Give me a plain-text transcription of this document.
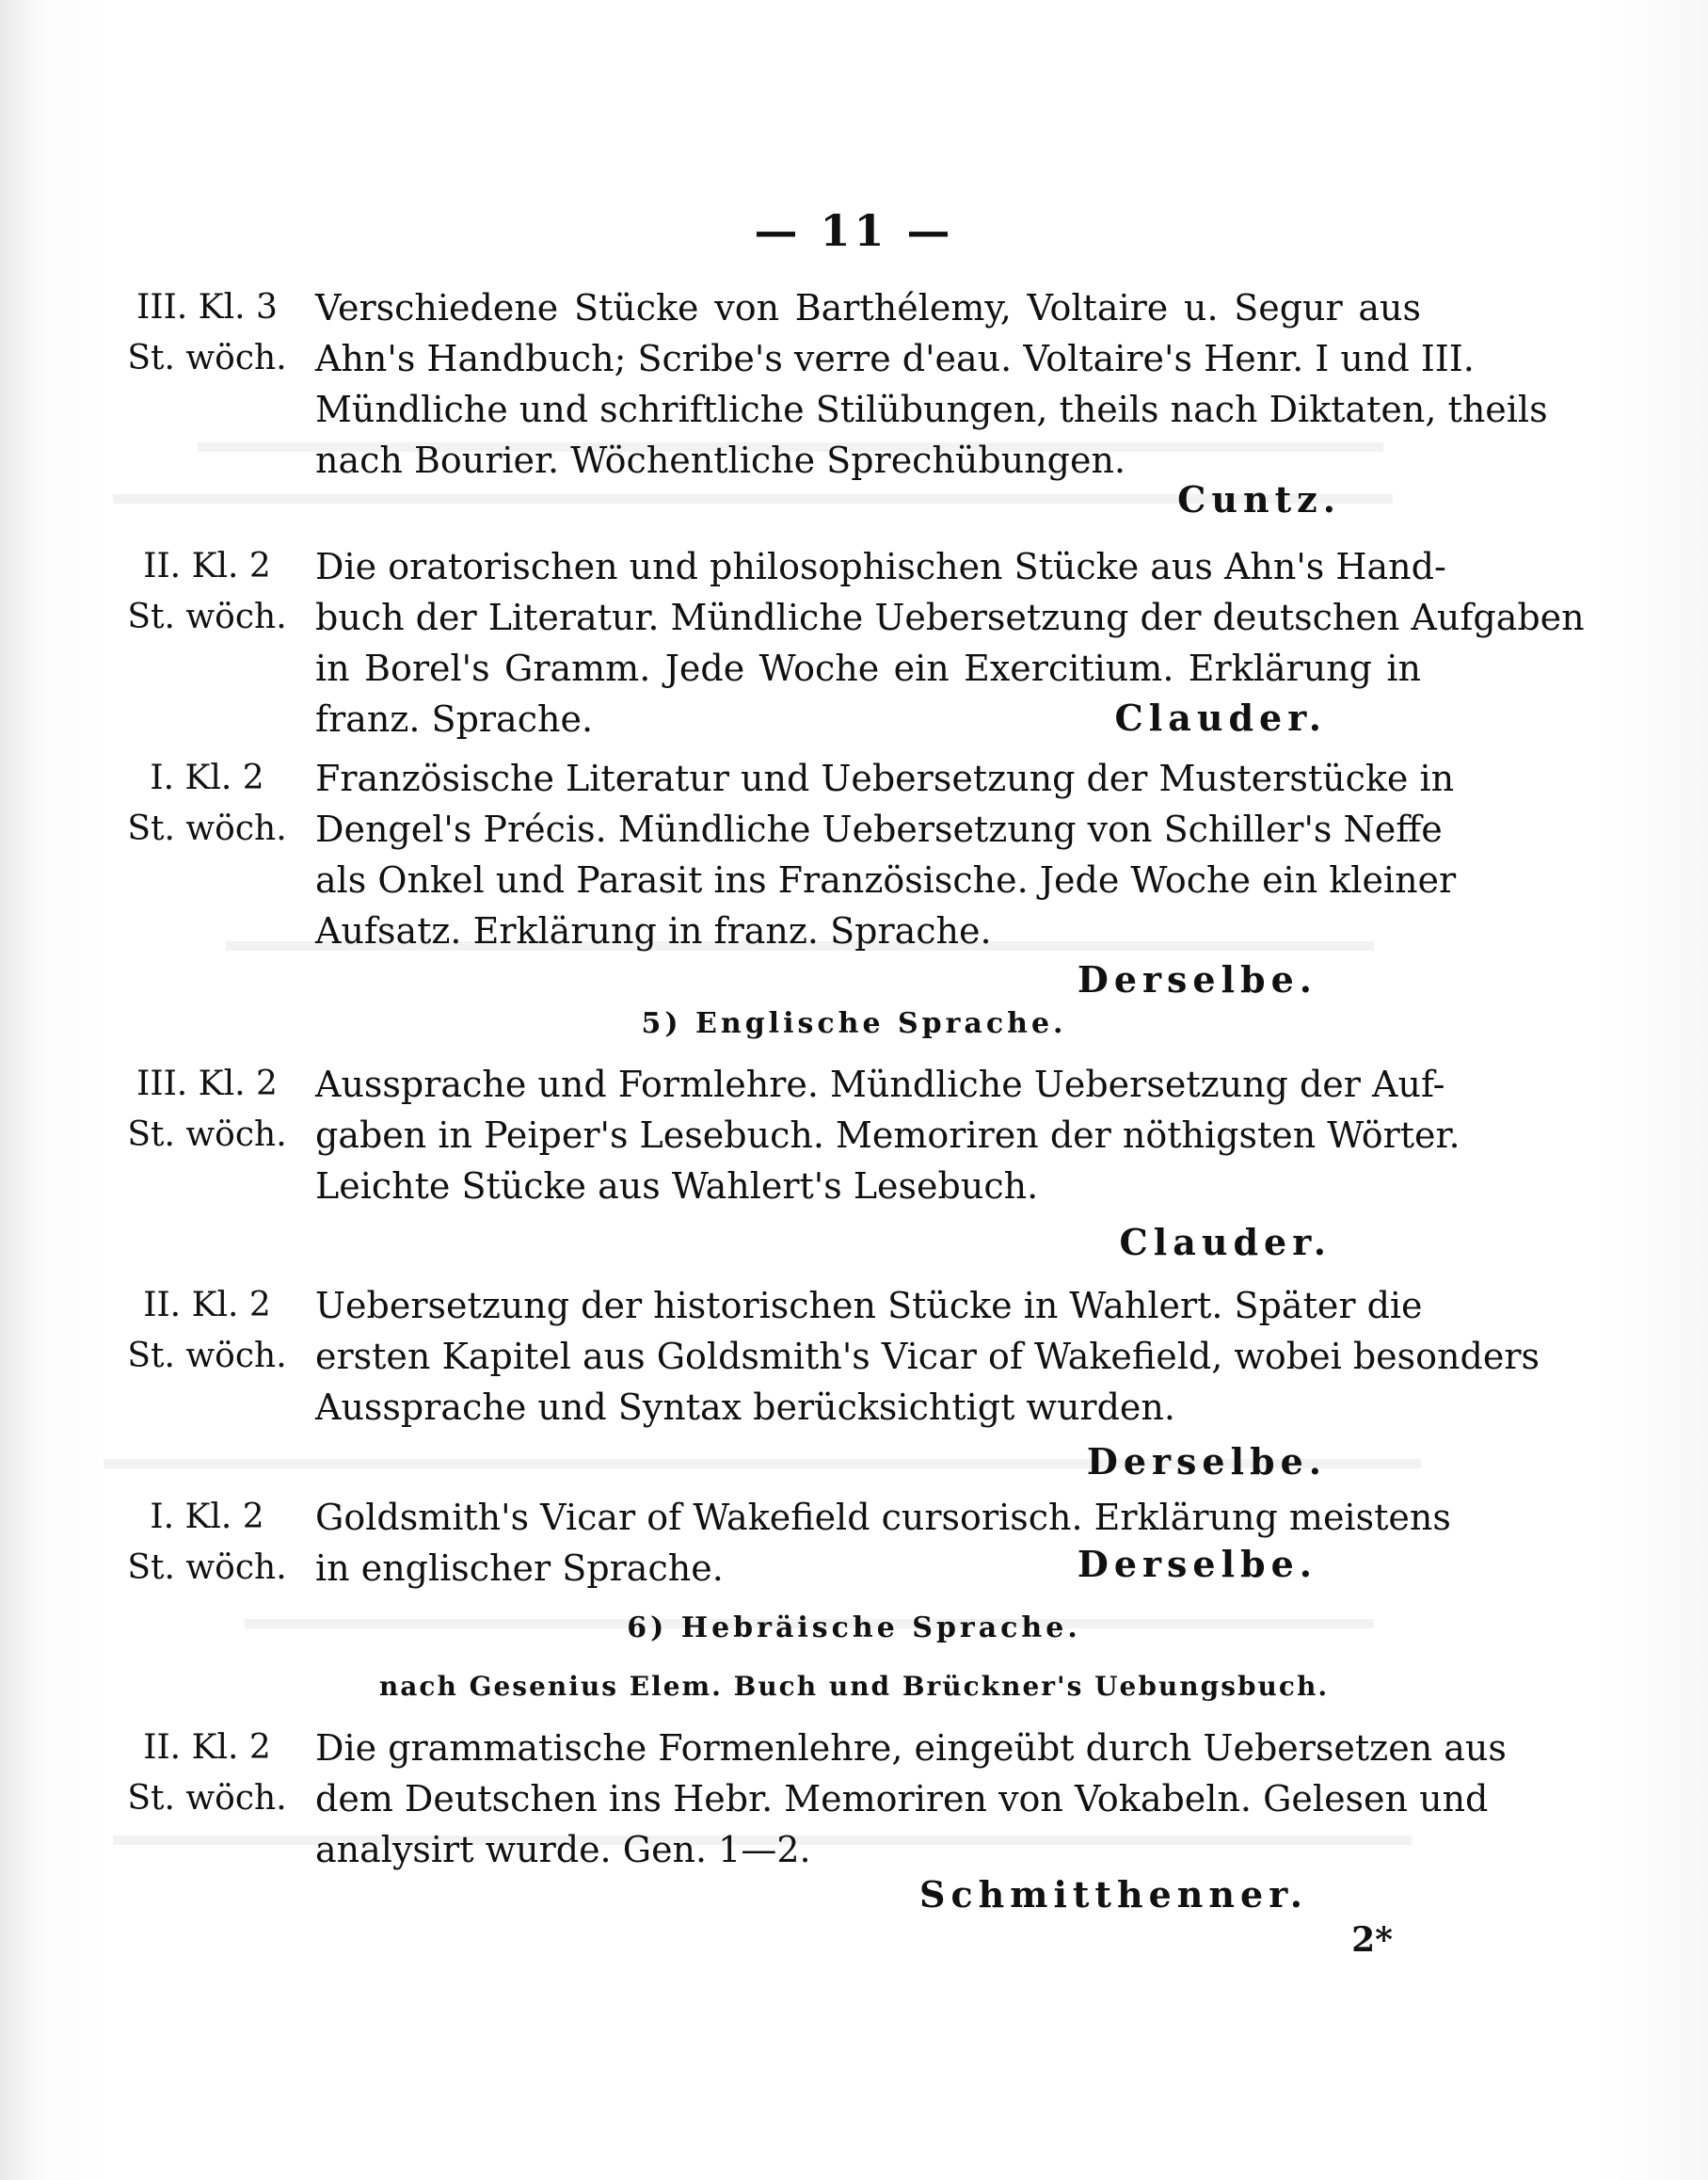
— 11 —
III. Kl. 3
St. wöch.
Verschiedene Stücke von Barthélemy, Voltaire u. Segur aus
Ahn's Handbuch; Scribe's verre d'eau. Voltaire's Henr. I und III.
Mündliche und schriftliche Stilübungen, theils nach Diktaten, theils
nach Bourier. Wöchentliche Sprechübungen.
Cuntz.
II. Kl. 2
St. wöch.
Die oratorischen und philosophischen Stücke aus Ahn's Hand-
buch der Literatur. Mündliche Uebersetzung der deutschen Aufgaben
in Borel's Gramm. Jede Woche ein Exercitium. Erklärung in
franz. Sprache.	Clauder.
I. Kl. 2
St. wöch.
Französische Literatur und Uebersetzung der Musterstücke in
Dengel's Précis. Mündliche Uebersetzung von Schiller's Neffe
als Onkel und Parasit ins Französische. Jede Woche ein kleiner
Aufsatz. Erklärung in franz. Sprache.
Derselbe.
5) Englische Sprache.
III. Kl. 2
St. wöch.
Aussprache und Formlehre. Mündliche Uebersetzung der Auf-
gaben in Peiper's Lesebuch. Memoriren der nöthigsten Wörter.
Leichte Stücke aus Wahlert's Lesebuch.
Clauder.
II. Kl. 2
St. wöch.
Uebersetzung der historischen Stücke in Wahlert. Später die
ersten Kapitel aus Goldsmith's Vicar of Wakefield, wobei besonders
Aussprache und Syntax berücksichtigt wurden.
Derselbe.
I. Kl. 2
St. wöch.
Goldsmith's Vicar of Wakefield cursorisch. Erklärung meistens
in englischer Sprache.	Derselbe.
6) Hebräische Sprache.
nach Gesenius Elem. Buch und Brückner's Uebungsbuch.
II. Kl. 2
St. wöch.
Die grammatische Formenlehre, eingeübt durch Uebersetzen aus
dem Deutschen ins Hebr. Memoriren von Vokabeln. Gelesen und
analysirt wurde. Gen. 1—2.
Schmitthenner.
2*
